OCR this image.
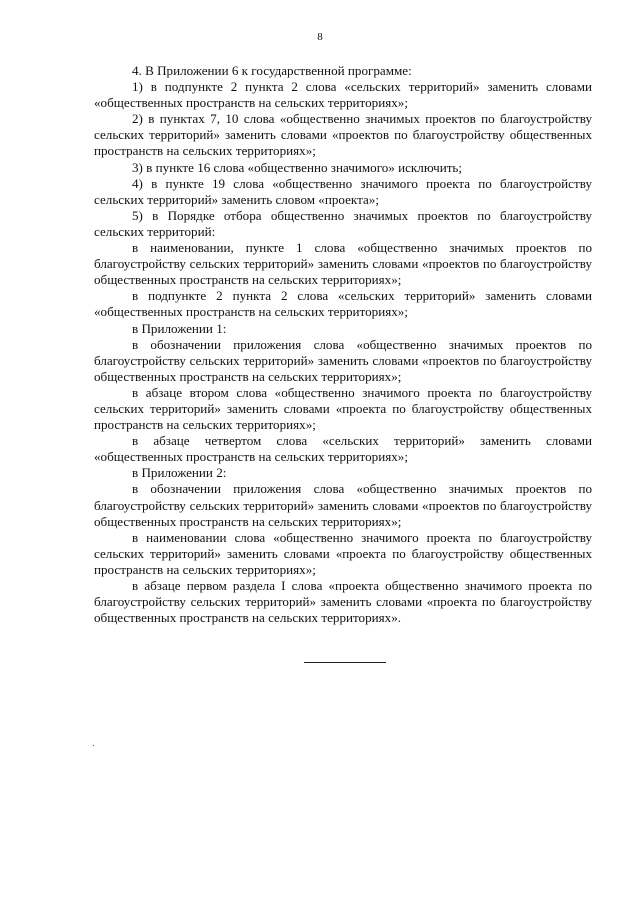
8

4. В Приложении 6 к государственной программе:

1) в подпункте 2 пункта 2 слова «сельских территорий» заменить словами «общественных пространств на сельских территориях»;

2) в пунктах 7, 10 слова «общественно значимых проектов по благоустройству сельских территорий» заменить словами «проектов по благоустройству общественных пространств на сельских территориях»;

3) в пункте 16 слова «общественно значимого» исключить;

4) в пункте 19 слова «общественно значимого проекта по благоустройству сельских территорий» заменить словом «проекта»;

5) в Порядке отбора общественно значимых проектов по благоустройству сельских территорий:

в наименовании, пункте 1 слова «общественно значимых проектов по благоустройству сельских территорий» заменить словами «проектов по благоустройству общественных пространств на сельских территориях»;

в подпункте 2 пункта 2 слова «сельских территорий» заменить словами «общественных пространств на сельских территориях»;

в Приложении 1:

в обозначении приложения слова «общественно значимых проектов по благоустройству сельских территорий» заменить словами «проектов по благоустройству общественных пространств на сельских территориях»;

в абзаце втором слова «общественно значимого проекта по благоустройству сельских территорий» заменить словами «проекта по благоустройству общественных пространств на сельских территориях»;

в абзаце четвертом слова «сельских территорий» заменить словами «общественных пространств на сельских территориях»;

в Приложении 2:

в обозначении приложения слова «общественно значимых проектов по благоустройству сельских территорий» заменить словами «проектов по благоустройству общественных пространств на сельских территориях»;

в наименовании слова «общественно значимого проекта по благоустройству сельских территорий» заменить словами «проекта по благоустройству общественных пространств на сельских территориях»;

в абзаце первом раздела I слова «проекта общественно значимого проекта по благоустройству сельских территорий» заменить словами «проекта по благоустройству общественных пространств на сельских территориях».
